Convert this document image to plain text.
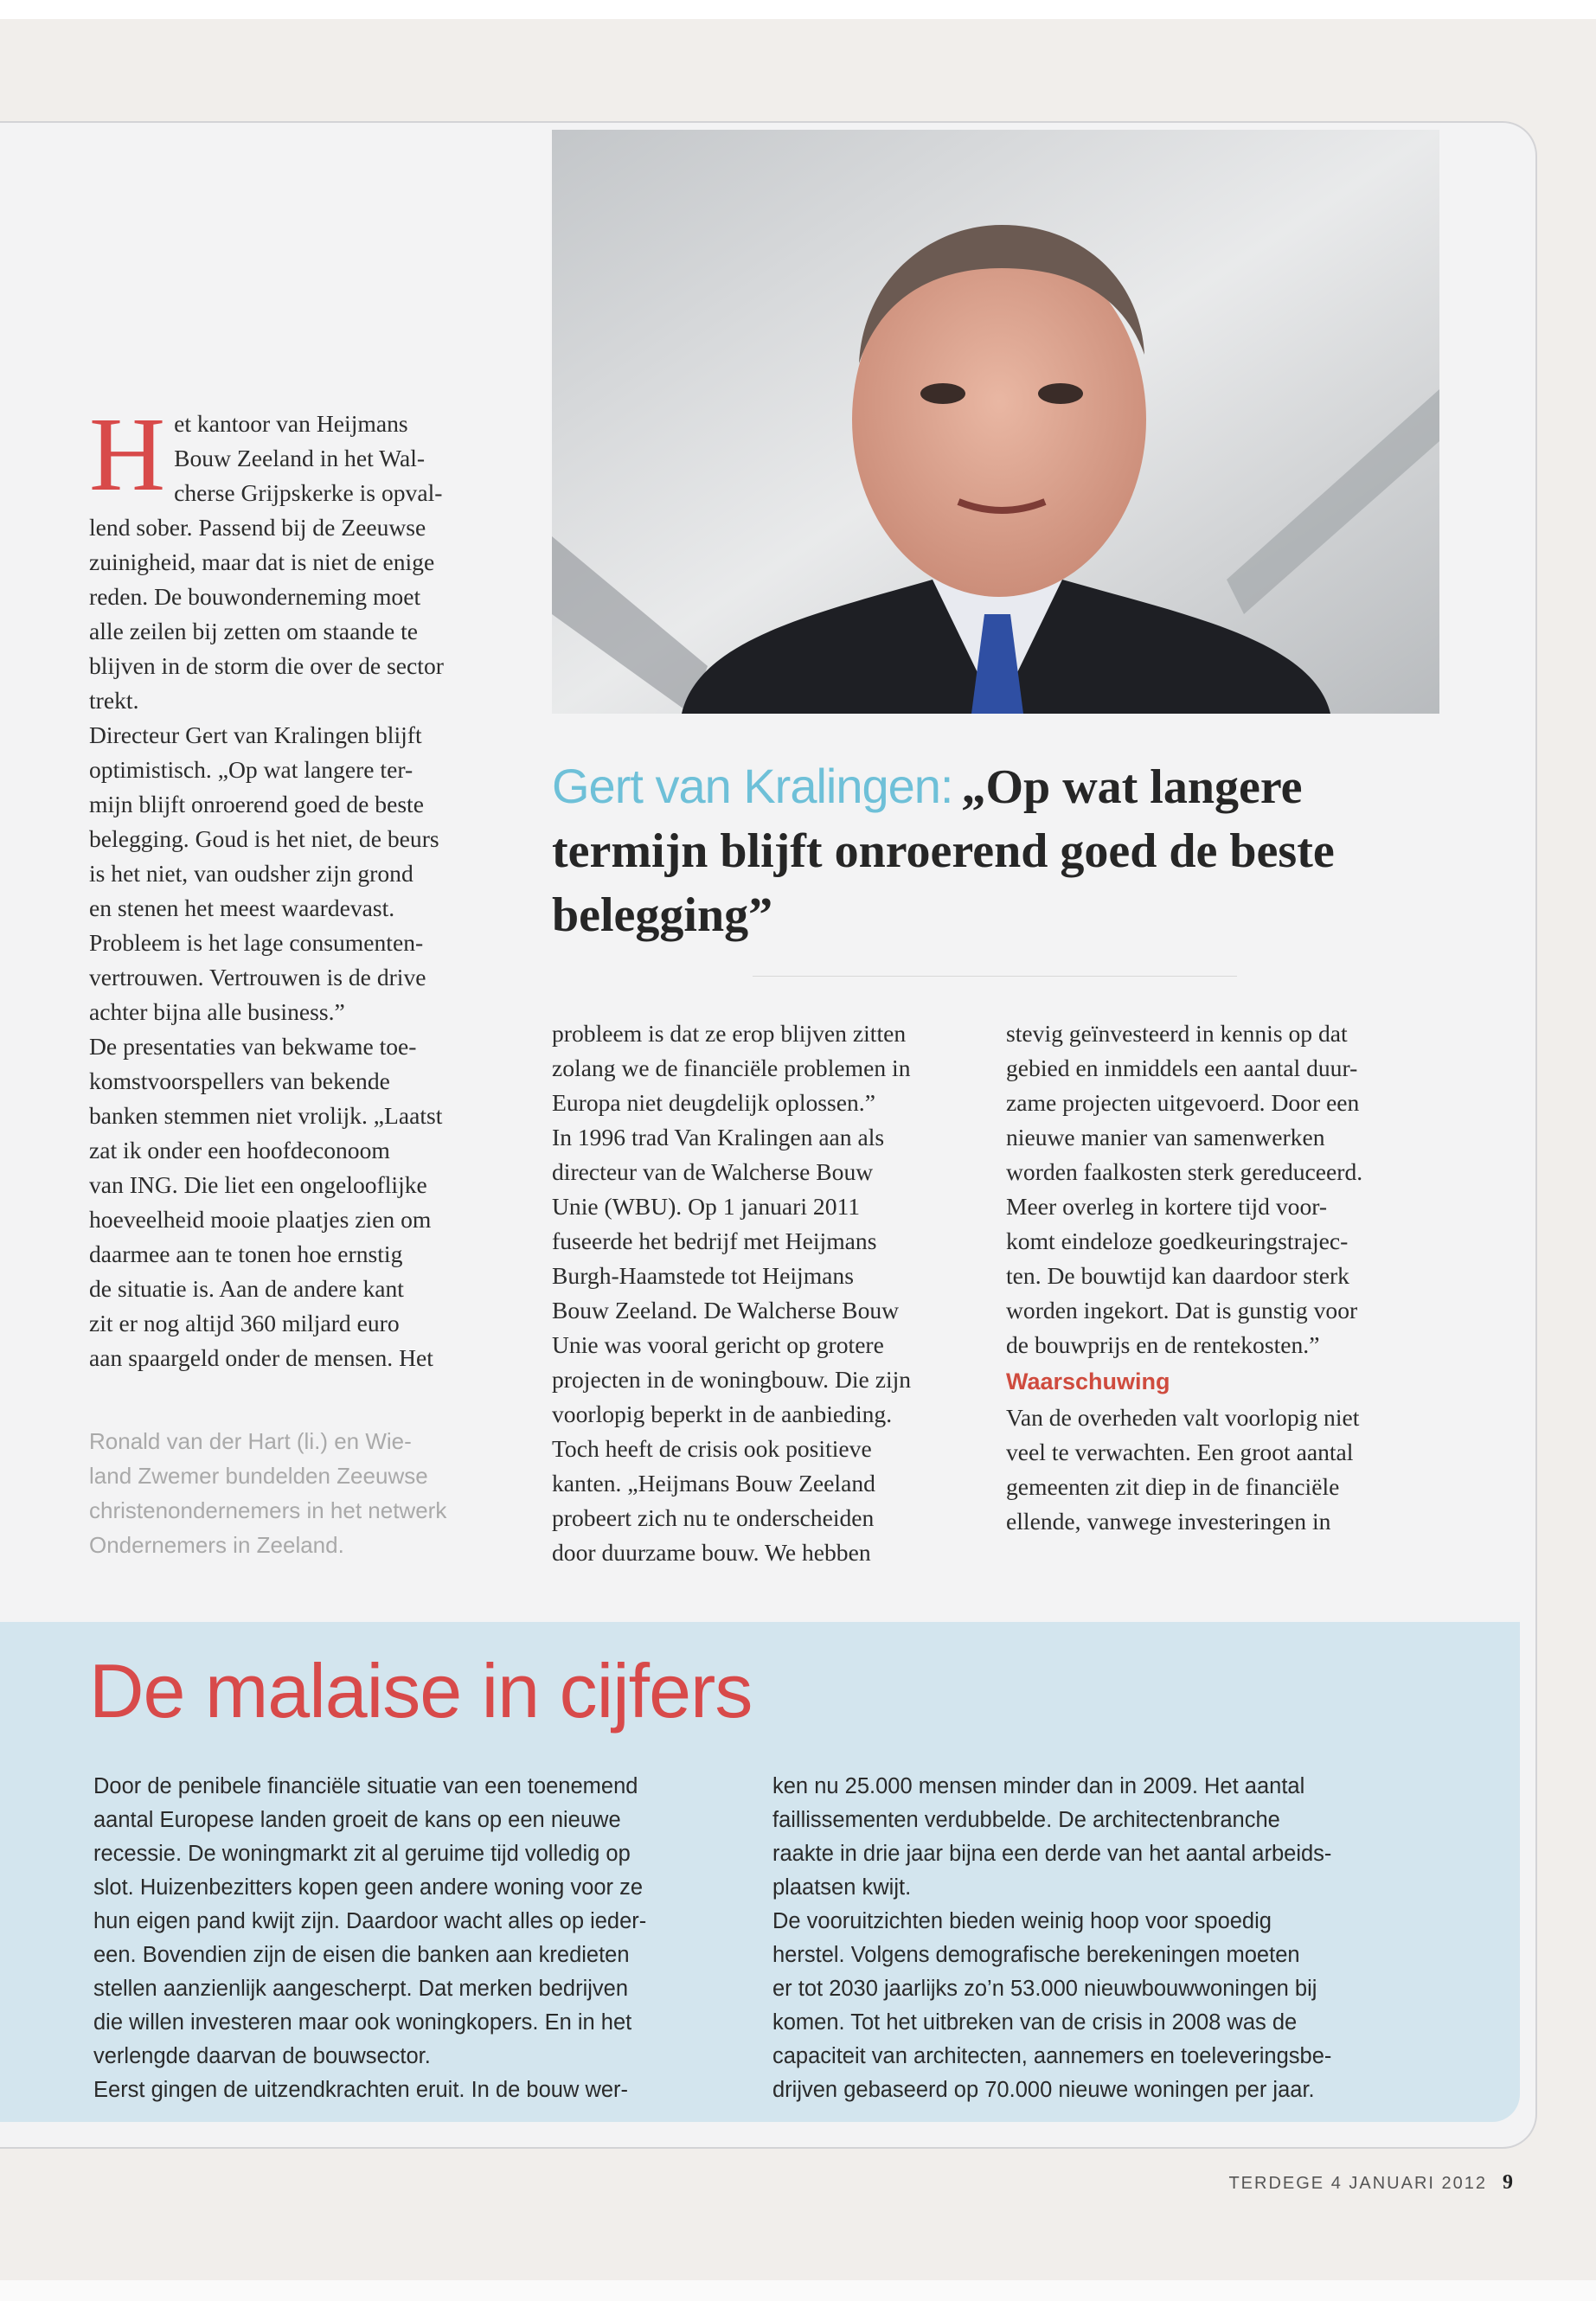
H et kantoor van Heijmans
Bouw Zeeland in het Wal-
cherse Grijpskerke is opval-

lend sober. Passend bij de Zeeuwse
zuinigheid, maar dat is niet de enige
reden. De bouwonderneming moet
alle zeilen bij zetten om staande te
blijven in de storm die over de sector
trekt.
Directeur Gert van Kralingen blijft
optimistisch. „Op wat langere ter-
mijn blijft onroerend goed de beste
belegging. Goud is het niet, de beurs
is het niet, van oudsher zijn grond
en stenen het meest waardevast.
Probleem is het lage consumenten-
vertrouwen. Vertrouwen is de drive
achter bijna alle business.”
De presentaties van bekwame toe-
komstvoorspellers van bekende
banken stemmen niet vrolijk. „Laatst
zat ik onder een hoofdeconoom
van ING. Die liet een ongelooflijke
hoeveelheid mooie plaatjes zien om
daarmee aan te tonen hoe ernstig
de situatie is. Aan de andere kant
zit er nog altijd 360 miljard euro
aan spaargeld onder de mensen. Het

Ronald van der Hart (li.) en Wie-
land Zwemer bundelden Zeeuwse
christenondernemers in het netwerk
Ondernemers in Zeeland.
Gert van Kralingen: „Op wat langere termijn blijft onroerend goed de beste belegging”

probleem is dat ze erop blijven zitten
zolang we de financiële problemen in
Europa niet deugdelijk oplossen.”
In 1996 trad Van Kralingen aan als
directeur van de Walcherse Bouw
Unie (WBU). Op 1 januari 2011
fuseerde het bedrijf met Heijmans
Burgh-Haamstede tot Heijmans
Bouw Zeeland. De Walcherse Bouw
Unie was vooral gericht op grotere
projecten in de woningbouw. Die zijn
voorlopig beperkt in de aanbieding.
Toch heeft de crisis ook positieve
kanten. „Heijmans Bouw Zeeland
probeert zich nu te onderscheiden
door duurzame bouw. We hebben

stevig geïnvesteerd in kennis op dat
gebied en inmiddels een aantal duur-
zame projecten uitgevoerd. Door een
nieuwe manier van samenwerken
worden faalkosten sterk gereduceerd.
Meer overleg in kortere tijd voor-
komt eindeloze goedkeuringstrajec-
ten. De bouwtijd kan daardoor sterk
worden ingekort. Dat is gunstig voor
de bouwprijs en de rentekosten.”

Waarschuwing

Van de overheden valt voorlopig niet
veel te verwachten. Een groot aantal
gemeenten zit diep in de financiële
ellende, vanwege investeringen in

De malaise in cijfers
Door de penibele financiële situatie van een toenemend
aantal Europese landen groeit de kans op een nieuwe
recessie. De woningmarkt zit al geruime tijd volledig op
slot. Huizenbezitters kopen geen andere woning voor ze
hun eigen pand kwijt zijn. Daardoor wacht alles op ieder-
een. Bovendien zijn de eisen die banken aan kredieten
stellen aanzienlijk aangescherpt. Dat merken bedrijven
die willen investeren maar ook woningkopers. En in het
verlengde daarvan de bouwsector.
Eerst gingen de uitzendkrachten eruit. In de bouw wer-
ken nu 25.000 mensen minder dan in 2009. Het aantal
faillissementen verdubbelde. De architectenbranche
raakte in drie jaar bijna een derde van het aantal arbeids-
plaatsen kwijt.
De vooruitzichten bieden weinig hoop voor spoedig
herstel. Volgens demografische berekeningen moeten
er tot 2030 jaarlijks zo’n 53.000 nieuwbouwwoningen bij
komen. Tot het uitbreken van de crisis in 2008 was de
capaciteit van architecten, aannemers en toeleveringsbe-
drijven gebaseerd op 70.000 nieuwe woningen per jaar.
TERDEGE 4 JANUARI 2012 9
